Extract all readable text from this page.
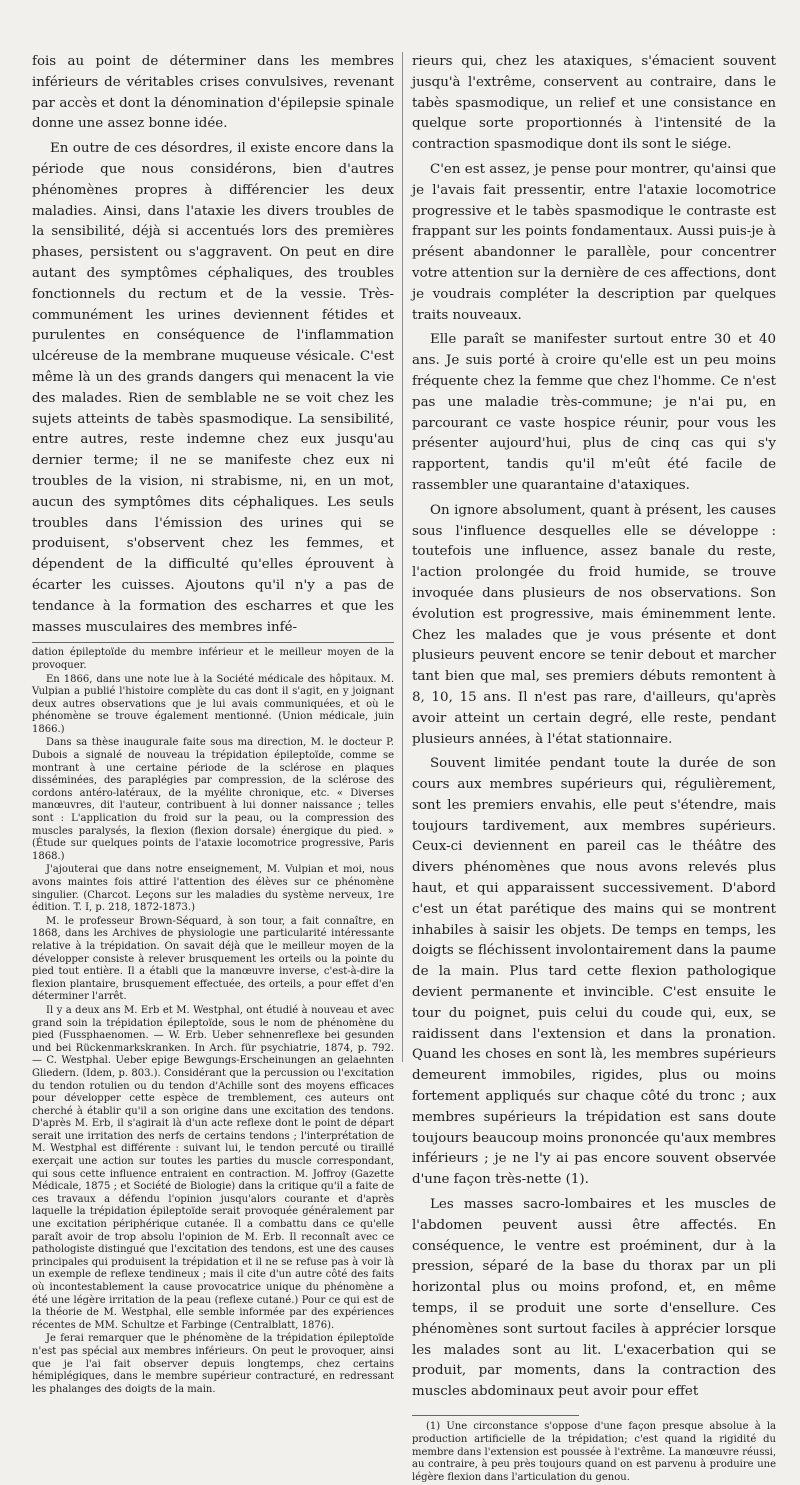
fois au point de déterminer dans les membres inférieurs de véritables crises convulsives, revenant par accès et dont la dénomination d'épilepsie spinale donne une assez bonne idée.

En outre de ces désordres, il existe encore dans la période que nous considérons, bien d'autres phénomènes propres à différencier les deux maladies. Ainsi, dans l'ataxie les divers troubles de la sensibilité, déjà si accentués lors des premières phases, persistent ou s'aggravent. On peut en dire autant des symptômes céphaliques, des troubles fonctionnels du rectum et de la vessie. Très-communément les urines deviennent fétides et purulentes en conséquence de l'inflammation ulcéreuse de la membrane muqueuse vésicale. C'est même là un des grands dangers qui menacent la vie des malades. Rien de semblable ne se voit chez les sujets atteints de tabès spasmodique. La sensibilité, entre autres, reste indemne chez eux jusqu'au dernier terme; il ne se manifeste chez eux ni troubles de la vision, ni strabisme, ni, en un mot, aucun des symptômes dits céphaliques. Les seuls troubles dans l'émission des urines qui se produisent, s'observent chez les femmes, et dépendent de la difficulté qu'elles éprouvent à écarter les cuisses. Ajoutons qu'il n'y a pas de tendance à la formation des escharres et que les masses musculaires des membres infé-

dation épileptoïde du membre inférieur et le meilleur moyen de la provoquer.

En 1866, dans une note lue à la Société médicale des hôpitaux. M. Vulpian a publié l'histoire complète du cas dont il s'agit, en y joignant deux autres observations que je lui avais communiquées, et où le phénomène se trouve également mentionné. (Union médicale, juin 1866.)

Dans sa thèse inaugurale faite sous ma direction, M. le docteur P. Dubois a signalé de nouveau la trépidation épileptoïde, comme se montrant à une certaine période de la sclérose en plaques disséminées, des paraplégies par compression, de la sclérose des cordons antéro-latéraux, de la myélite chronique, etc. « Diverses manœuvres, dit l'auteur, contribuent à lui donner naissance ; telles sont : L'application du froid sur la peau, ou la compression des muscles paralysés, la flexion (flexion dorsale) énergique du pied. » (Étude sur quelques points de l'ataxie locomotrice progressive, Paris 1868.)

J'ajouterai que dans notre enseignement, M. Vulpian et moi, nous avons maintes fois attiré l'attention des élèves sur ce phénomène singulier. (Charcot. Leçons sur les maladies du système nerveux, 1re édition. T. I, p. 218, 1872-1873.)

M. le professeur Brown-Séquard, à son tour, a fait connaître, en 1868, dans les Archives de physiologie une particularité intéressante relative à la trépidation. On savait déjà que le meilleur moyen de la développer consiste à relever brusquement les orteils ou la pointe du pied tout entière. Il a établi que la manœuvre inverse, c'est-à-dire la flexion plantaire, brusquement effectuée, des orteils, a pour effet d'en déterminer l'arrêt.

Il y a deux ans M. Erb et M. Westphal, ont étudié à nouveau et avec grand soin la trépidation épileptoïde, sous le nom de phénomène du pied (Fussphaenomen. — W. Erb. Ueber sehnenreflexe bei gesunden und bei Rückenmarkskranken. In Arch. für psychiatrie, 1874, p. 792. — C. Westphal. Ueber epige Bewgungs-Erscheinungen an gelaehnten Gliedern. (Idem, p. 803.). Considérant que la percussion ou l'excitation du tendon rotulien ou du tendon d'Achille sont des moyens efficaces pour développer cette espèce de tremblement, ces auteurs ont cherché à établir qu'il a son origine dans une excitation des tendons. D'après M. Erb, il s'agirait là d'un acte reflexe dont le point de départ serait une irritation des nerfs de certains tendons ; l'interprétation de M. Westphal est différente : suivant lui, le tendon percuté ou tiraillé exerçait une action sur toutes les parties du muscle correspondant, qui sous cette influence entraient en contraction. M. Joffroy (Gazette Médicale, 1875 ; et Société de Biologie) dans la critique qu'il a faite de ces travaux a défendu l'opinion jusqu'alors courante et d'après laquelle la trépidation épileptoïde serait provoquée généralement par une excitation périphérique cutanée. Il a combattu dans ce qu'elle paraît avoir de trop absolu l'opinion de M. Erb. Il reconnaît avec ce pathologiste distingué que l'excitation des tendons, est une des causes principales qui produisent la trépidation et il ne se refuse pas à voir là un exemple de reflexe tendineux ; mais il cite d'un autre côté des faits où incontestablement la cause provocatrice unique du phénomène a été une légère irritation de la peau (reflexe cutané.) Pour ce qui est de la théorie de M. Westphal, elle semble informée par des expériences récentes de MM. Schultze et Farbinge (Centralblatt, 1876).

Je ferai remarquer que le phénomène de la trépidation épileptoïde n'est pas spécial aux membres inférieurs. On peut le provoquer, ainsi que je l'ai fait observer depuis longtemps, chez certains hémiplégiques, dans le membre supérieur contracturé, en redressant les phalanges des doigts de la main.

rieurs qui, chez les ataxiques, s'émacient souvent jusqu'à l'extrême, conservent au contraire, dans le tabès spasmodique, un relief et une consistance en quelque sorte proportionnés à l'intensité de la contraction spasmodique dont ils sont le siége.

C'en est assez, je pense pour montrer, qu'ainsi que je l'avais fait pressentir, entre l'ataxie locomotrice progressive et le tabès spasmodique le contraste est frappant sur les points fondamentaux. Aussi puis-je à présent abandonner le parallèle, pour concentrer votre attention sur la dernière de ces affections, dont je voudrais compléter la description par quelques traits nouveaux.

Elle paraît se manifester surtout entre 30 et 40 ans. Je suis porté à croire qu'elle est un peu moins fréquente chez la femme que chez l'homme. Ce n'est pas une maladie très-commune; je n'ai pu, en parcourant ce vaste hospice réunir, pour vous les présenter aujourd'hui, plus de cinq cas qui s'y rapportent, tandis qu'il m'eût été facile de rassembler une quarantaine d'ataxiques.

On ignore absolument, quant à présent, les causes sous l'influence desquelles elle se développe : toutefois une influence, assez banale du reste, l'action prolongée du froid humide, se trouve invoquée dans plusieurs de nos observations. Son évolution est progressive, mais éminemment lente. Chez les malades que je vous présente et dont plusieurs peuvent encore se tenir debout et marcher tant bien que mal, ses premiers débuts remontent à 8, 10, 15 ans. Il n'est pas rare, d'ailleurs, qu'après avoir atteint un certain degré, elle reste, pendant plusieurs années, à l'état stationnaire.

Souvent limitée pendant toute la durée de son cours aux membres supérieurs qui, régulièrement, sont les premiers envahis, elle peut s'étendre, mais toujours tardivement, aux membres supérieurs. Ceux-ci deviennent en pareil cas le théâtre des divers phénomènes que nous avons relevés plus haut, et qui apparaissent successivement. D'abord c'est un état parétique des mains qui se montrent inhabiles à saisir les objets. De temps en temps, les doigts se fléchissent involontairement dans la paume de la main. Plus tard cette flexion pathologique devient permanente et invincible. C'est ensuite le tour du poignet, puis celui du coude qui, eux, se raidissent dans l'extension et dans la pronation. Quand les choses en sont là, les membres supérieurs demeurent immobiles, rigides, plus ou moins fortement appliqués sur chaque côté du tronc ; aux membres supérieurs la trépidation est sans doute toujours beaucoup moins prononcée qu'aux membres inférieurs ; je ne l'y ai pas encore souvent observée d'une façon très-nette (1).

Les masses sacro-lombaires et les muscles de l'abdomen peuvent aussi être affectés. En conséquence, le ventre est proéminent, dur à la pression, séparé de la base du thorax par un pli horizontal plus ou moins profond, et, en même temps, il se produit une sorte d'ensellure. Ces phénomènes sont surtout faciles à apprécier lorsque les malades sont au lit. L'exacerbation qui se produit, par moments, dans la contraction des muscles abdominaux peut avoir pour effet

(1) Une circonstance s'oppose d'une façon presque absolue à la production artificielle de la trépidation; c'est quand la rigidité du membre dans l'extension est poussée à l'extrême. La manœuvre réussi, au contraire, à peu près toujours quand on est parvenu à produire une légère flexion dans l'articulation du genou.
